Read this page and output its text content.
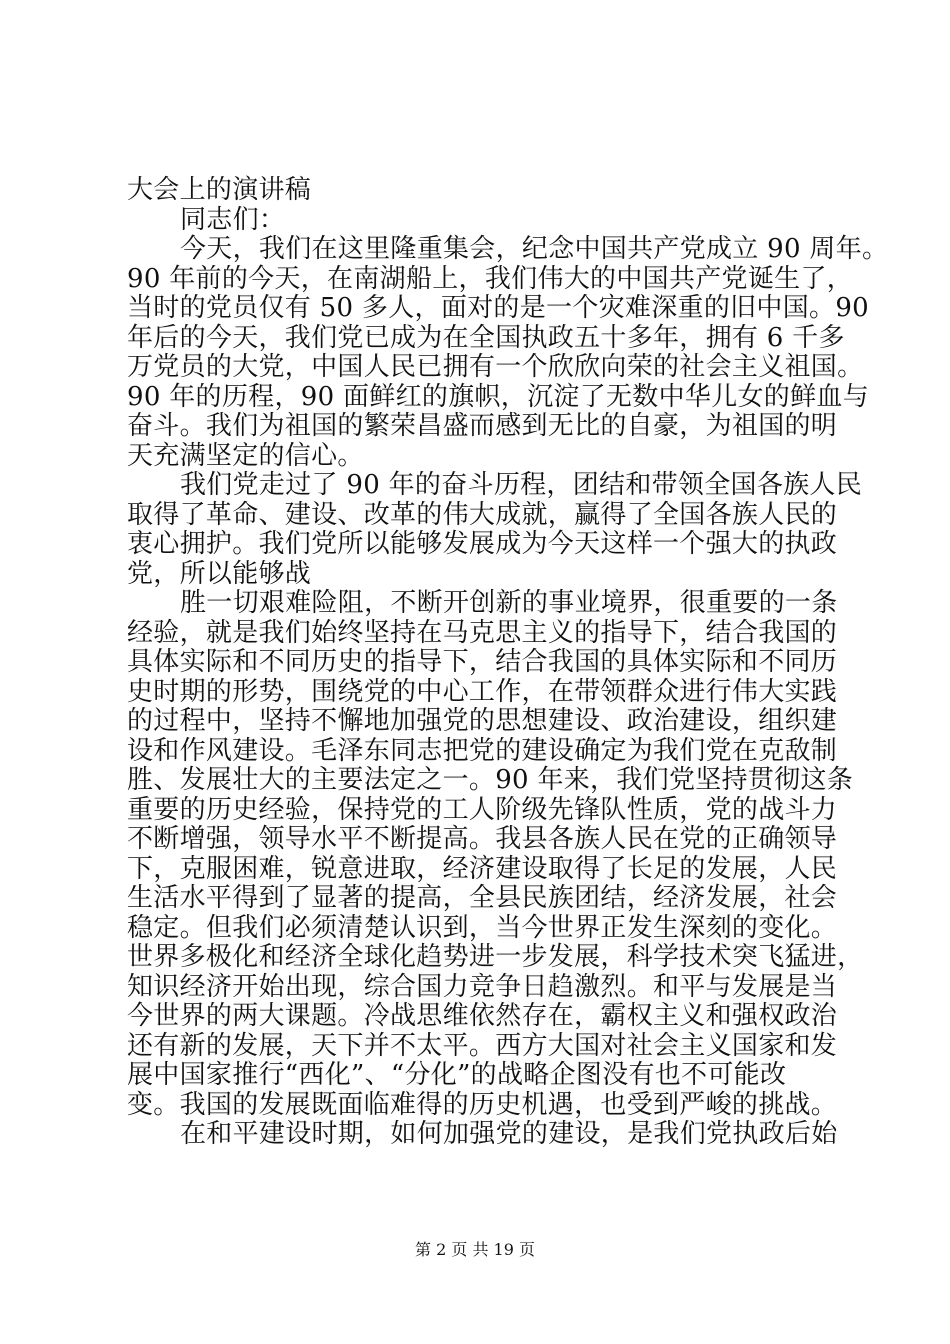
大会上的演讲稿
同志们：
今天，我们在这里隆重集会，纪念中国共产党成立 90 周年。
90 年前的今天，在南湖船上，我们伟大的中国共产党诞生了，
当时的党员仅有 50 多人，面对的是一个灾难深重的旧中国。90
年后的今天，我们党已成为在全国执政五十多年，拥有 6 千多
万党员的大党，中国人民已拥有一个欣欣向荣的社会主义祖国。
90 年的历程，90 面鲜红的旗帜，沉淀了无数中华儿女的鲜血与
奋斗。我们为祖国的繁荣昌盛而感到无比的自豪，为祖国的明
天充满坚定的信心。
我们党走过了 90 年的奋斗历程，团结和带领全国各族人民
取得了革命、建设、改革的伟大成就，赢得了全国各族人民的
衷心拥护。我们党所以能够发展成为今天这样一个强大的执政
党，所以能够战
胜一切艰难险阻，不断开创新的事业境界，很重要的一条
经验，就是我们始终坚持在马克思主义的指导下，结合我国的
具体实际和不同历史的指导下，结合我国的具体实际和不同历
史时期的形势，围绕党的中心工作，在带领群众进行伟大实践
的过程中，坚持不懈地加强党的思想建设、政治建设，组织建
设和作风建设。毛泽东同志把党的建设确定为我们党在克敌制
胜、发展壮大的主要法定之一。90 年来，我们党坚持贯彻这条
重要的历史经验，保持党的工人阶级先锋队性质，党的战斗力
不断增强，领导水平不断提高。我县各族人民在党的正确领导
下，克服困难，锐意进取，经济建设取得了长足的发展，人民
生活水平得到了显著的提高，全县民族团结，经济发展，社会
稳定。但我们必须清楚认识到，当今世界正发生深刻的变化。
世界多极化和经济全球化趋势进一步发展，科学技术突飞猛进，
知识经济开始出现，综合国力竞争日趋激烈。和平与发展是当
今世界的两大课题。冷战思维依然存在，霸权主义和强权政治
还有新的发展，天下并不太平。西方大国对社会主义国家和发
展中国家推行“西化”、“分化”的战略企图没有也不可能改
变。我国的发展既面临难得的历史机遇，也受到严峻的挑战。
在和平建设时期，如何加强党的建设，是我们党执政后始
第 2 页 共 19 页
